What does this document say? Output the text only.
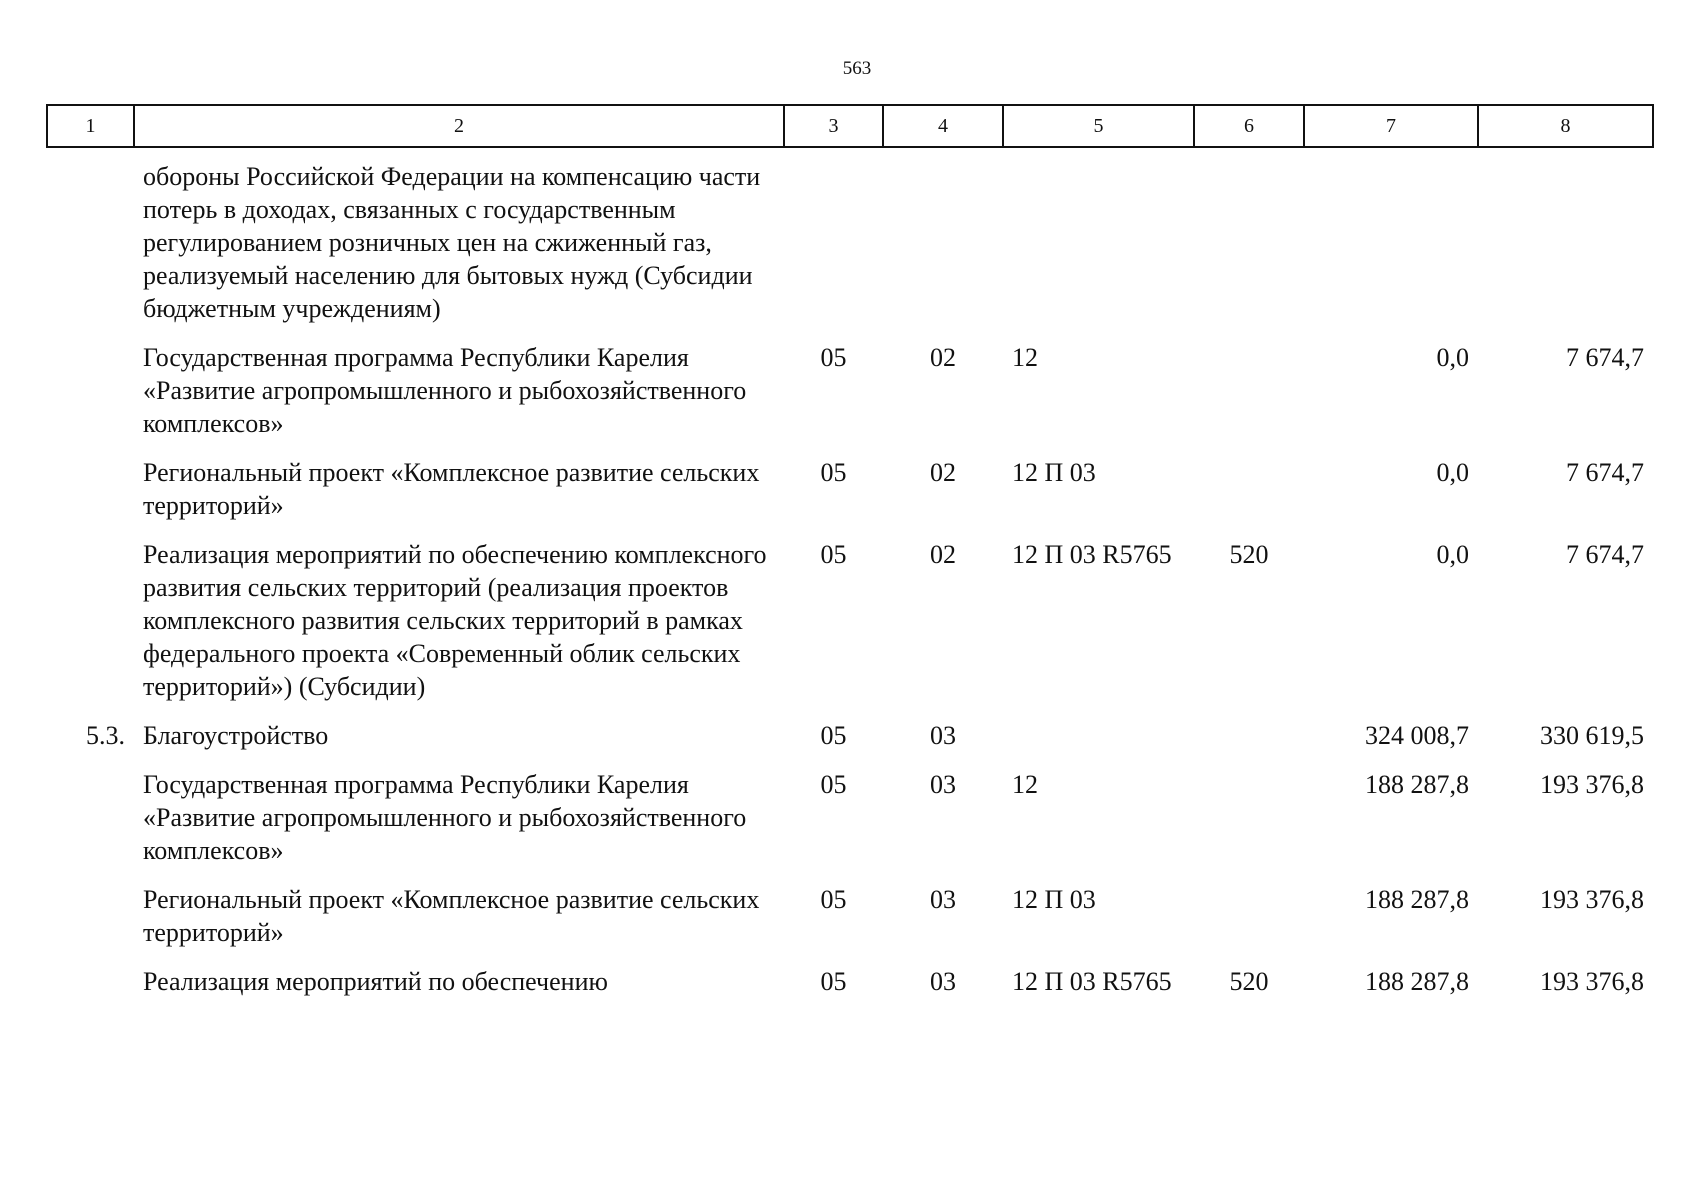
563
1	2	3	4	5	6	7	8
	обороны Российской Федерации на компенсацию части потерь в доходах, связанных с государственным регулированием розничных цен на сжиженный газ, реализуемый населению для бытовых нужд (Субсидии бюджетным учреждениям)						
	Государственная программа Республики Карелия «Развитие агропромышленного и рыбохозяйственного комплексов»	05	02	12		0,0	7 674,7
	Региональный проект «Комплексное развитие сельских территорий»	05	02	12 П 03		0,0	7 674,7
	Реализация мероприятий по обеспечению комплексного развития сельских территорий (реализация проектов комплексного развития сельских территорий в рамках федерального проекта «Современный облик сельских территорий») (Субсидии)	05	02	12 П 03 R5765	520	0,0	7 674,7
5.3.	Благоустройство	05	03			324 008,7	330 619,5
	Государственная программа Республики Карелия «Развитие агропромышленного и рыбохозяйственного комплексов»	05	03	12		188 287,8	193 376,8
	Региональный проект «Комплексное развитие сельских территорий»	05	03	12 П 03		188 287,8	193 376,8
	Реализация мероприятий по обеспечению	05	03	12 П 03 R5765	520	188 287,8	193 376,8
